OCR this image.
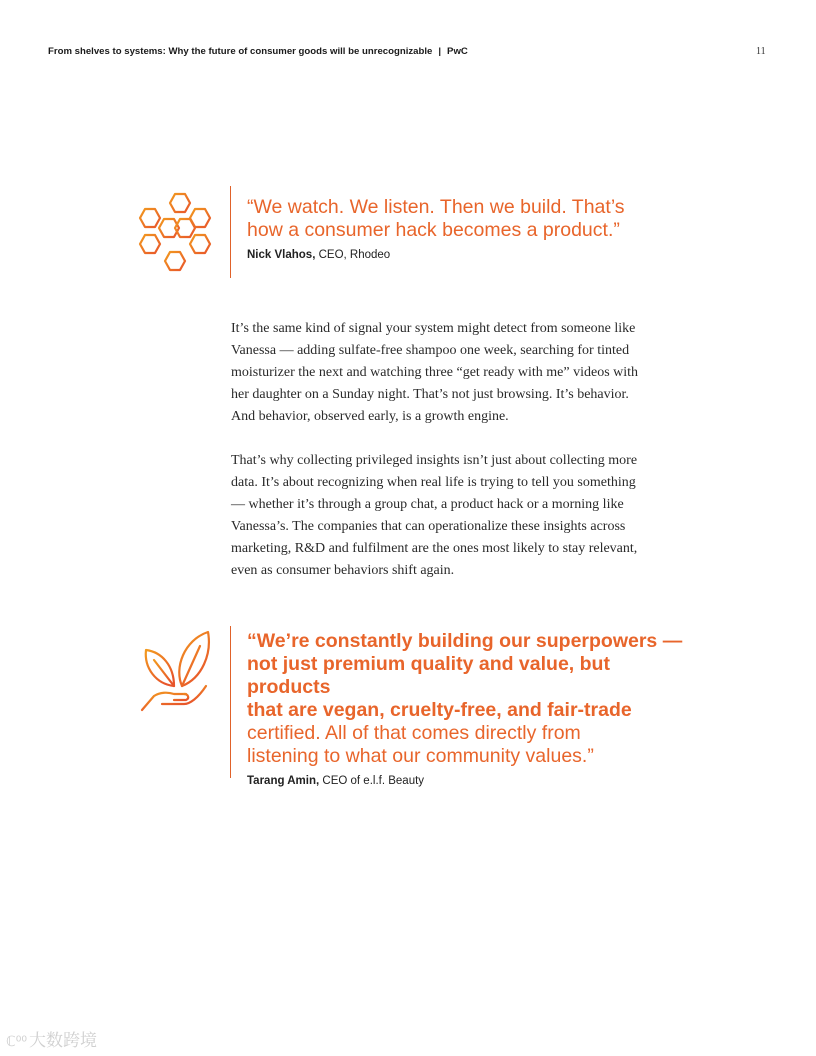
From shelves to systems: Why the future of consumer goods will be unrecognizable | PwC	11
“We watch. We listen. Then we build. That’s
how a consumer hack becomes a product.”
Nick Vlahos, CEO, Rhodeo

It’s the same kind of signal your system might detect from someone like
Vanessa — adding sulfate-free shampoo one week, searching for tinted
moisturizer the next and watching three “get ready with me” videos with
her daughter on a Sunday night. That’s not just browsing. It’s behavior.
And behavior, observed early, is a growth engine.

That’s why collecting privileged insights isn’t just about collecting more
data. It’s about recognizing when real life is trying to tell you something
— whether it’s through a group chat, a product hack or a morning like
Vanessa’s. The companies that can operationalize these insights across
marketing, R&D and fulfilment are the ones most likely to stay relevant,
even as consumer behaviors shift again.

“We’re constantly building our superpowers —
not just premium quality and value, but products
that are vegan, cruelty-free, and fair-trade
certified. All of that comes directly from
listening to what our community values.”
Tarang Amin, CEO of e.l.f. Beauty
ℂ⁰⁰ 大数跨境
